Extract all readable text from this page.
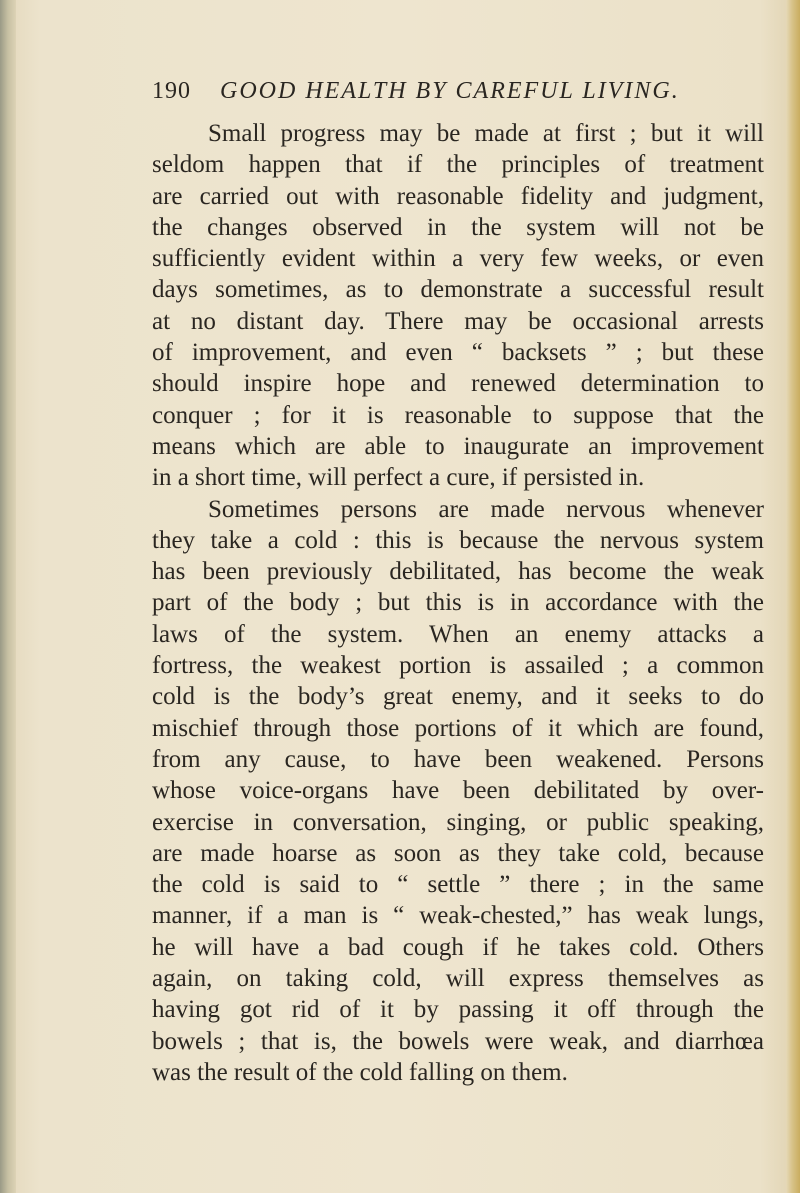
190 GOOD HEALTH BY CAREFUL LIVING.

Small progress may be made at first ; but it will
seldom happen that if the principles of treatment
are carried out with reasonable fidelity and judgment,
the changes observed in the system will not be
sufficiently evident within a very few weeks, or even
days sometimes, as to demonstrate a successful result
at no distant day. There may be occasional arrests
of improvement, and even “ backsets ” ; but these
should inspire hope and renewed determination to
conquer ; for it is reasonable to suppose that the
means which are able to inaugurate an improvement
in a short time, will perfect a cure, if persisted in.

Sometimes persons are made nervous whenever
they take a cold : this is because the nervous system
has been previously debilitated, has become the weak
part of the body ; but this is in accordance with the
laws of the system. When an enemy attacks a
fortress, the weakest portion is assailed ; a common
cold is the body’s great enemy, and it seeks to do
mischief through those portions of it which are found,
from any cause, to have been weakened. Persons
whose voice-organs have been debilitated by over-
exercise in conversation, singing, or public speaking,
are made hoarse as soon as they take cold, because
the cold is said to “ settle ” there ; in the same
manner, if a man is “ weak-chested,” has weak lungs,
he will have a bad cough if he takes cold. Others
again, on taking cold, will express themselves as
having got rid of it by passing it off through the
bowels ; that is, the bowels were weak, and diarrhœa
was the result of the cold falling on them.
